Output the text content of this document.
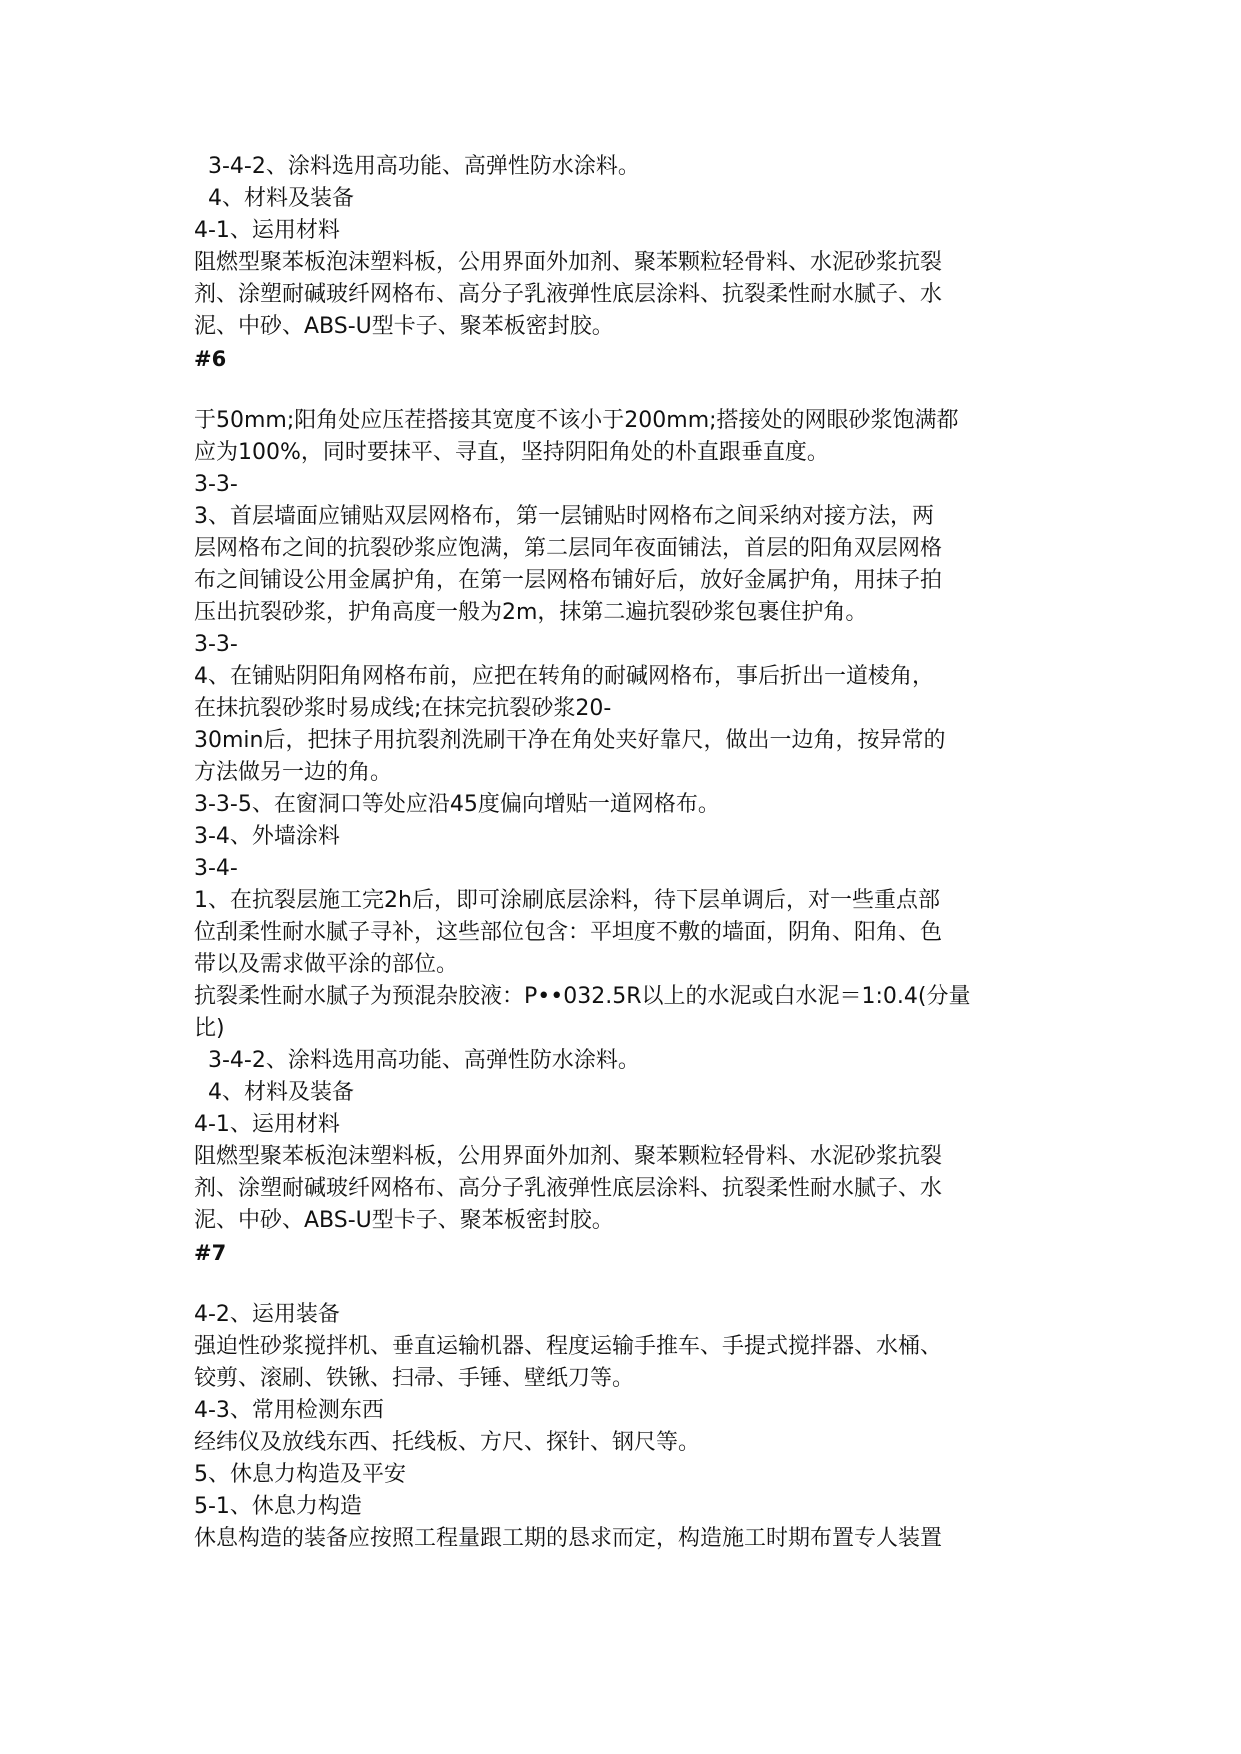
3-4-2、涂料选用高功能、高弹性防水涂料。
4、材料及装备
4-1、运用材料
阻燃型聚苯板泡沫塑料板，公用界面外加剂、聚苯颗粒轻骨料、水泥砂浆抗裂
剂、涂塑耐碱玻纤网格布、高分子乳液弹性底层涂料、抗裂柔性耐水腻子、水
泥、中砂、ABS-U型卡子、聚苯板密封胶。
#6
于50mm;阳角处应压茬搭接其宽度不该小于200mm;搭接处的网眼砂浆饱满都
应为100%，同时要抹平、寻直，坚持阴阳角处的朴直跟垂直度。
3-3-
3、首层墙面应铺贴双层网格布，第一层铺贴时网格布之间采纳对接方法，两
层网格布之间的抗裂砂浆应饱满，第二层同年夜面铺法，首层的阳角双层网格
布之间铺设公用金属护角，在第一层网格布铺好后，放好金属护角，用抹子拍
压出抗裂砂浆，护角高度一般为2m，抹第二遍抗裂砂浆包裹住护角。
3-3-
4、在铺贴阴阳角网格布前，应把在转角的耐碱网格布，事后折出一道棱角，
在抹抗裂砂浆时易成线;在抹完抗裂砂浆20-
30min后，把抹子用抗裂剂洗刷干净在角处夹好靠尺，做出一边角，按异常的
方法做另一边的角。
3-3-5、在窗洞口等处应沿45度偏向增贴一道网格布。
3-4、外墙涂料
3-4-
1、在抗裂层施工完2h后，即可涂刷底层涂料，待下层单调后，对一些重点部
位刮柔性耐水腻子寻补，这些部位包含：平坦度不敷的墙面，阴角、阳角、色
带以及需求做平涂的部位。
抗裂柔性耐水腻子为预混杂胶液：P••032.5R以上的水泥或白水泥＝1:0.4(分量
比)
3-4-2、涂料选用高功能、高弹性防水涂料。
4、材料及装备
4-1、运用材料
阻燃型聚苯板泡沫塑料板，公用界面外加剂、聚苯颗粒轻骨料、水泥砂浆抗裂
剂、涂塑耐碱玻纤网格布、高分子乳液弹性底层涂料、抗裂柔性耐水腻子、水
泥、中砂、ABS-U型卡子、聚苯板密封胶。
#7
4-2、运用装备
强迫性砂浆搅拌机、垂直运输机器、程度运输手推车、手提式搅拌器、水桶、
铰剪、滚刷、铁锹、扫帚、手锤、壁纸刀等。
4-3、常用检测东西
经纬仪及放线东西、托线板、方尺、探针、钢尺等。
5、休息力构造及平安
5-1、休息力构造
休息构造的装备应按照工程量跟工期的恳求而定，构造施工时期布置专人装置
